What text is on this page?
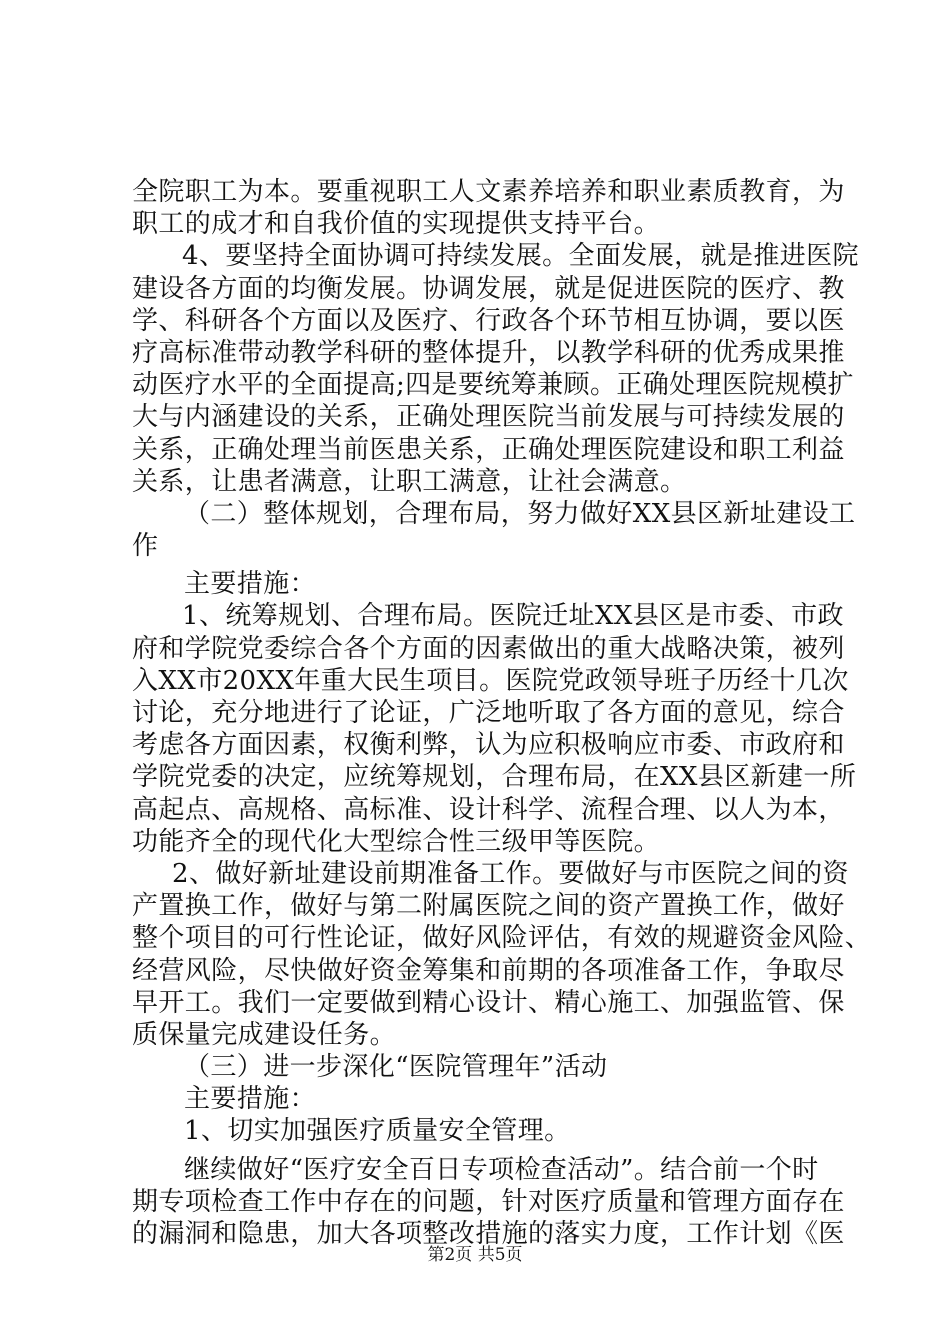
全院职工为本。要重视职工人文素养培养和职业素质教育，为
职工的成才和自我价值的实现提供支持平台。
4、要坚持全面协调可持续发展。全面发展，就是推进医院
建设各方面的均衡发展。协调发展，就是促进医院的医疗、教
学、科研各个方面以及医疗、行政各个环节相互协调，要以医
疗高标准带动教学科研的整体提升，以教学科研的优秀成果推
动医疗水平的全面提高;四是要统筹兼顾。正确处理医院规模扩
大与内涵建设的关系，正确处理医院当前发展与可持续发展的
关系，正确处理当前医患关系，正确处理医院建设和职工利益
关系，让患者满意，让职工满意，让社会满意。
（二）整体规划，合理布局，努力做好XX县区新址建设工
作
主要措施：
1、统筹规划、合理布局。医院迁址XX县区是市委、市政
府和学院党委综合各个方面的因素做出的重大战略决策，被列
入XX市20XX年重大民生项目。医院党政领导班子历经十几次
讨论，充分地进行了论证，广泛地听取了各方面的意见，综合
考虑各方面因素，权衡利弊，认为应积极响应市委、市政府和
学院党委的决定，应统筹规划，合理布局，在XX县区新建一所
高起点、高规格、高标准、设计科学、流程合理、以人为本，
功能齐全的现代化大型综合性三级甲等医院。
2、做好新址建设前期准备工作。要做好与市医院之间的资
产置换工作，做好与第二附属医院之间的资产置换工作，做好
整个项目的可行性论证，做好风险评估，有效的规避资金风险、
经营风险，尽快做好资金筹集和前期的各项准备工作，争取尽
早开工。我们一定要做到精心设计、精心施工、加强监管、保
质保量完成建设任务。
（三）进一步深化“医院管理年”活动
主要措施：
1、切实加强医疗质量安全管理。
继续做好“医疗安全百日专项检查活动”。结合前一个时
期专项检查工作中存在的问题，针对医疗质量和管理方面存在
的漏洞和隐患，加大各项整改措施的落实力度，工作计划《医
第2页 共5页
